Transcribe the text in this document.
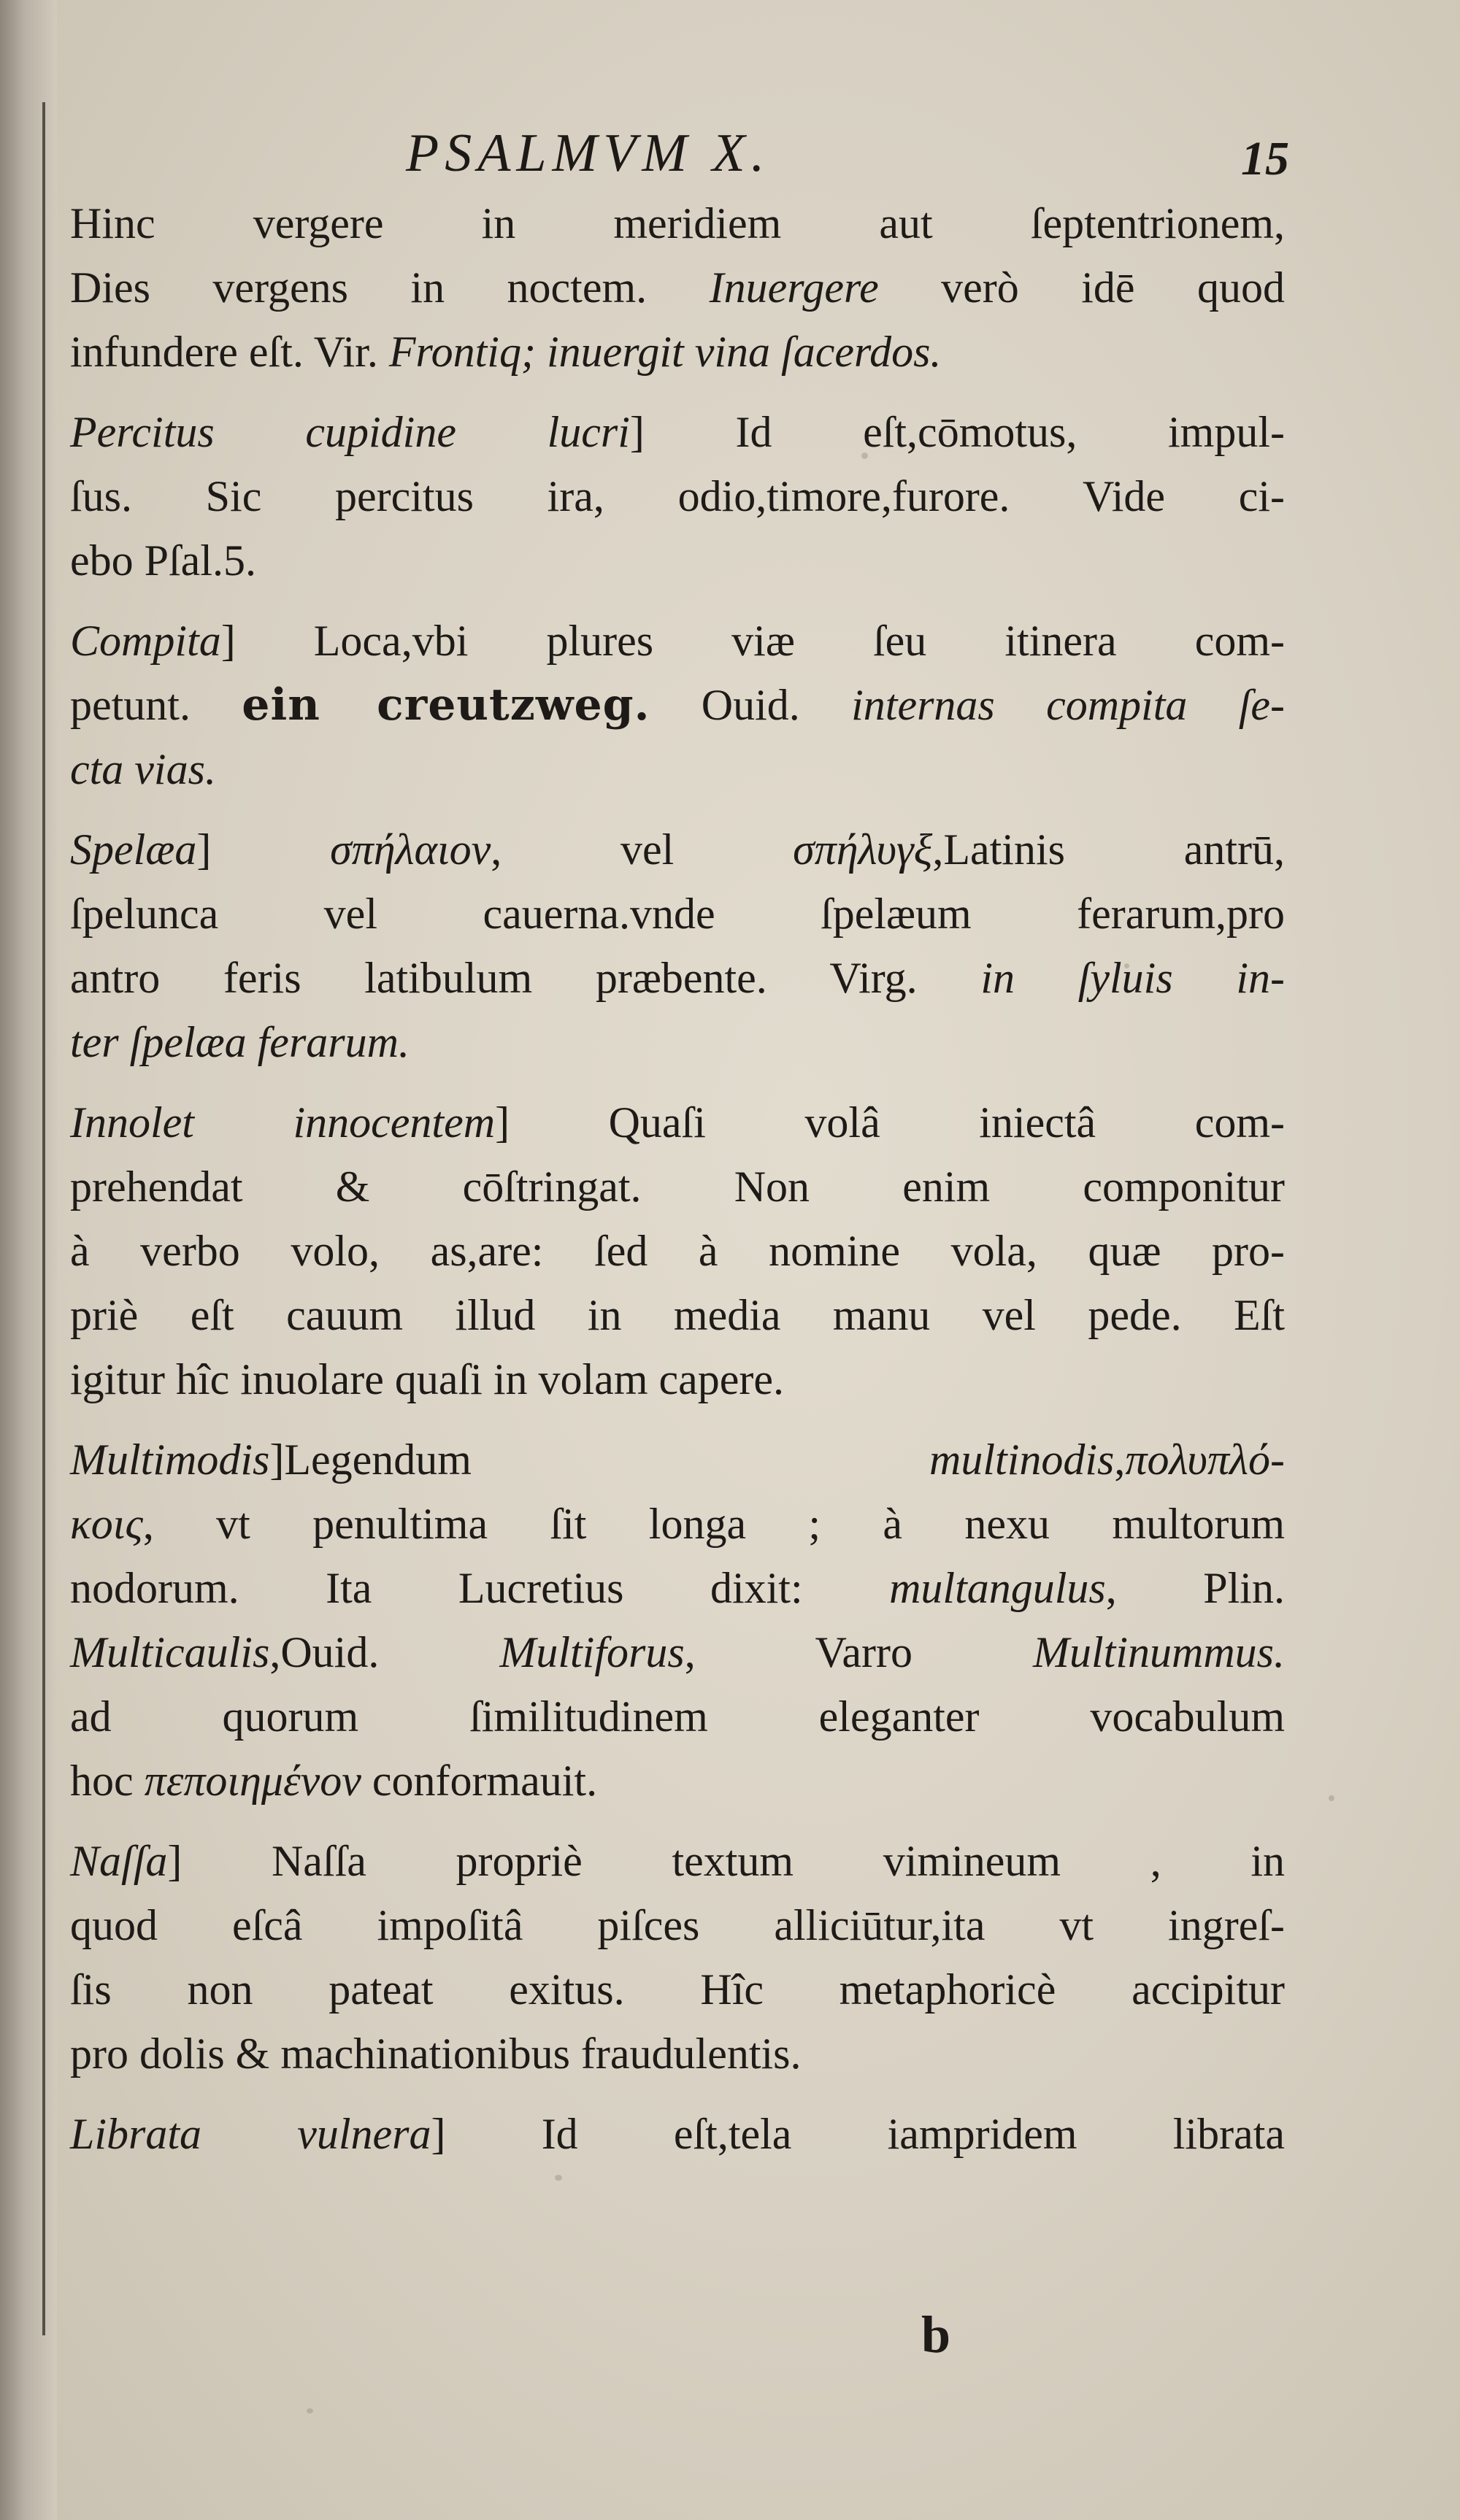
PSALMVM X.	15
Hinc vergere in meridiem aut ſeptentrionem,
Dies vergens in noctem. Inuergere verò idē quod
infundere eſt. Vir. Frontiq; inuergit vina ſacerdos.
Percitus cupidine lucri] Id eſt,cōmotus, impul-
ſus. Sic percitus ira, odio,timore,furore. Vide ci-
ebo Pſal.5.
Compita] Loca,vbi plures viæ ſeu itinera com-
petunt. ein creutzweg. Ouid. internas compita ſe-
cta vias.
Spelæa] σπήλαιον, vel σπήλυγξ,Latinis antrū,
ſpelunca vel cauerna.vnde ſpelæum ferarum,pro
antro feris latibulum præbente. Virg. in ſyluis in-
ter ſpelæa ferarum.
Innolet innocentem] Quaſi volâ iniectâ com-
prehendat & cōſtringat. Non enim componitur
à verbo volo, as,are: ſed à nomine vola, quæ pro-
priè eſt cauum illud in media manu vel pede. Eſt
igitur hîc inuolare quaſi in volam capere.
Multimodis]Legendum multinodis,πολυπλό-
κοις, vt penultima ſit longa ; à nexu multorum
nodorum. Ita Lucretius dixit: multangulus, Plin.
Multicaulis,Ouid. Multiforus, Varro Multinummus.
ad quorum ſimilitudinem eleganter vocabulum
hoc πεποιημένον conformauit.
Naſſa] Naſſa propriè textum vimineum , in
quod eſcâ impoſitâ piſces alliciūtur,ita vt ingreſ-
ſis non pateat exitus. Hîc metaphoricè accipitur
pro dolis & machinationibus fraudulentis.
Librata vulnera] Id eſt,tela iampridem librata
b
